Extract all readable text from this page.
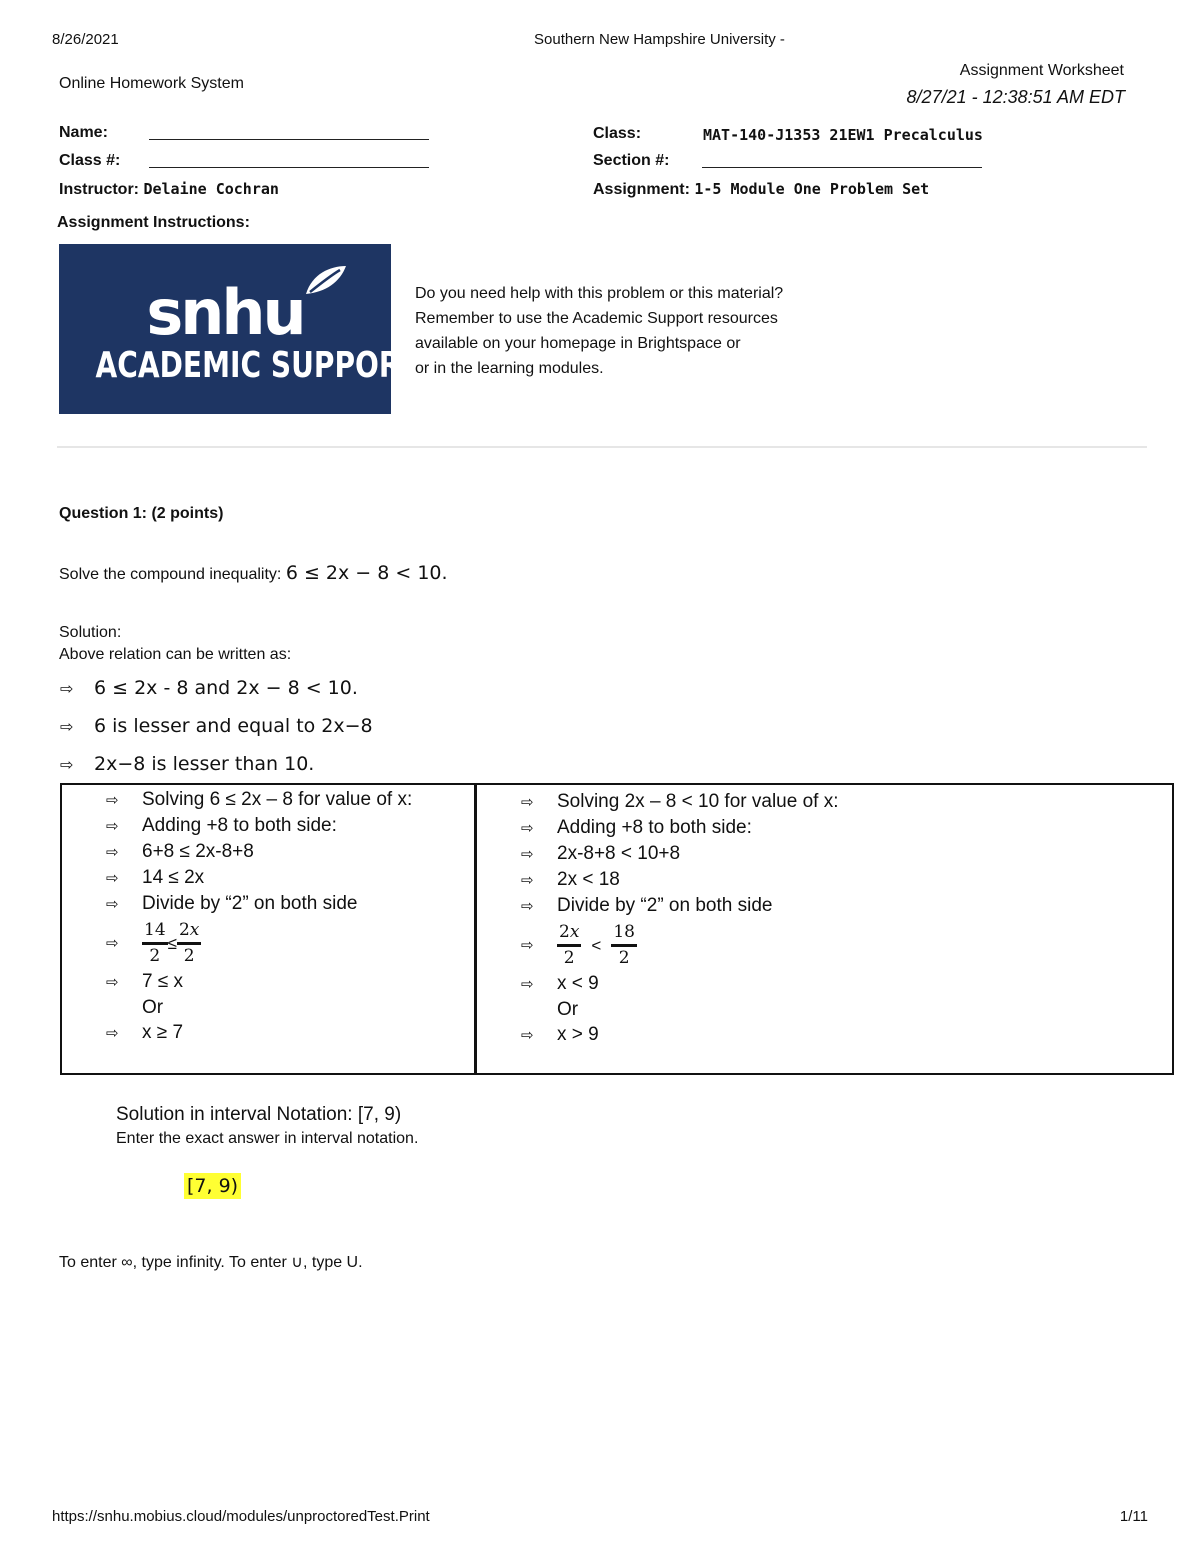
8/26/2021	Southern New Hampshire University -
Online Homework System
Assignment Worksheet
8/27/21 - 12:38:51 AM EDT
Name:
Class #:
Instructor: Delaine Cochran
Class:	MAT-140-J1353 21EW1 Precalculus
Section #:
Assignment: 1-5 Module One Problem Set
Assignment Instructions:
snhu
ACADEMIC SUPPORT

Do you need help with this problem or this material?

Remember to use the Academic Support resources

available on your homepage in Brightspace or

or in the learning modules.

Question 1: (2 points)
Solve the compound inequality: 6 ≤ 2x − 8 < 10.
Solution:
Above relation can be written as:
⇨ 6 ≤ 2x - 8 and 2x − 8 < 10.
⇨ 6 is lesser and equal to 2x−8
⇨ 2x−8 is lesser than 10.
⇨ Solving 6 ≤ 2x – 8 for value of x:
⇨ Adding +8 to both side:
⇨ 6+8 ≤ 2x-8+8
⇨ 14 ≤ 2x
⇨ Divide by “2” on both side
⇨	$\frac{14}{2} \le \frac{\text{2𝑥}}{2}$
⇨ 7 ≤ x
Or
⇨ x ≥ 7
⇨ Solving 2x – 8 < 10 for value of x:
⇨ Adding +8 to both side:
⇨ 2x-8+8 < 10+8
⇨ 2x < 18
⇨ Divide by “2” on both side
⇨	$\frac{\text{2𝑥}}{2} < \frac{18}{2}$
⇨ x < 9
Or
⇨ x > 9
Solution in interval Notation: [7, 9)
Enter the exact answer in interval notation.
[7, 9)
To enter ∞, type infinity. To enter ∪, type U.
https://snhu.mobius.cloud/modules/unproctoredTest.Print	1/11
